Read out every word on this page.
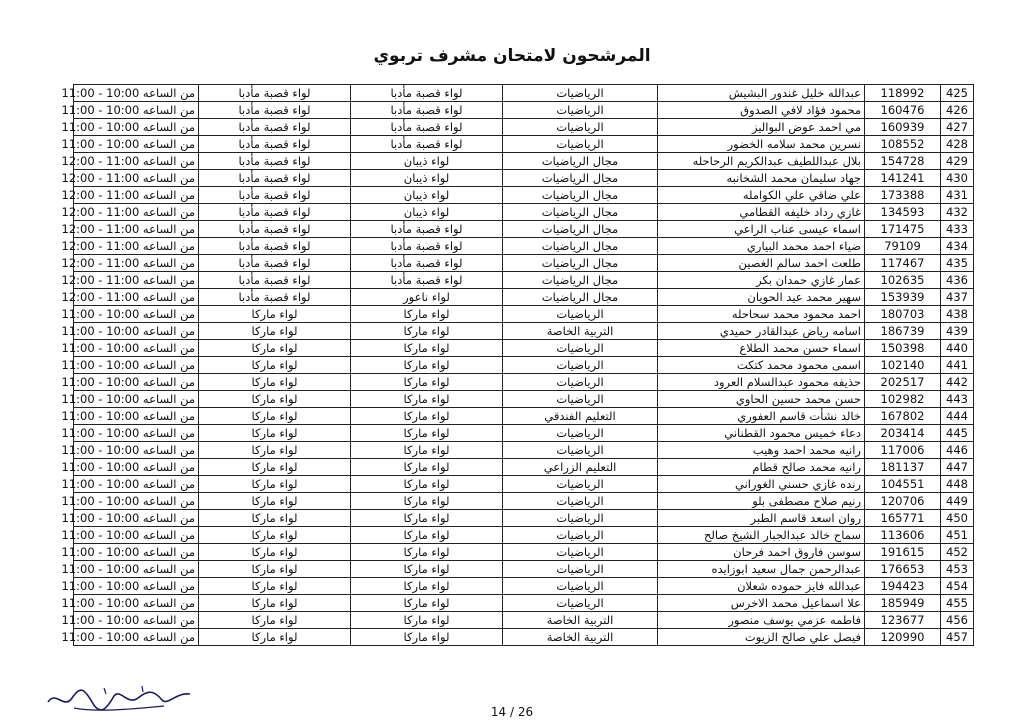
المرشحون لامتحان مشرف تربوي
425	118992	عبدالله خليل غندور البشيش	الرياضيات	لواء قصبة مأدبا	لواء قصبة مأدبا	من الساعه 10:00 - 11:00
426	160476	محمود فؤاد لافي الصدوق	الرياضيات	لواء قصبة مأدبا	لواء قصبة مأدبا	من الساعه 10:00 - 11:00
427	160939	مي احمد عوض البواليز	الرياضيات	لواء قصبة مأدبا	لواء قصبة مأدبا	من الساعه 10:00 - 11:00
428	108552	نسرين محمد سلامه الخضور	الرياضيات	لواء قصبة مأدبا	لواء قصبة مأدبا	من الساعه 10:00 - 11:00
429	154728	بلال عبداللطيف عبدالكريم الرحاحله	مجال الرياضيات	لواء ذيبان	لواء قصبة مأدبا	من الساعه 11:00 - 12:00
430	141241	جهاد سليمان محمد الشخانبه	مجال الرياضيات	لواء ذيبان	لواء قصبة مأدبا	من الساعه 11:00 - 12:00
431	173388	علي ضاقي علي الكوامله	مجال الرياضيات	لواء ذيبان	لواء قصبة مأدبا	من الساعه 11:00 - 12:00
432	134593	غازي رداد خليفه القطامي	مجال الرياضيات	لواء ذيبان	لواء قصبة مأدبا	من الساعه 11:00 - 12:00
433	171475	اسماء عيسى عناب الراعي	مجال الرياضيات	لواء قصبة مأدبا	لواء قصبة مأدبا	من الساعه 11:00 - 12:00
434	79109	ضياء احمد محمد البياري	مجال الرياضيات	لواء قصبة مأدبا	لواء قصبة مأدبا	من الساعه 11:00 - 12:00
435	117467	طلعت احمد سالم الغصين	مجال الرياضيات	لواء قصبة مأدبا	لواء قصبة مأدبا	من الساعه 11:00 - 12:00
436	102635	عمار غازي حمدان بكر	مجال الرياضيات	لواء قصبة مأدبا	لواء قصبة مأدبا	من الساعه 11:00 - 12:00
437	153939	سهير محمد عيد الحويان	مجال الرياضيات	لواء ناعور	لواء قصبة مأدبا	من الساعه 11:00 - 12:00
438	180703	احمد محمود محمد سحاحله	الرياضيات	لواء ماركا	لواء ماركا	من الساعه 10:00 - 11:00
439	186739	اسامه رياض عبدالقادر حميدي	التربية الخاصة	لواء ماركا	لواء ماركا	من الساعه 10:00 - 11:00
440	150398	اسماء حسن محمد الطلاع	الرياضيات	لواء ماركا	لواء ماركا	من الساعه 10:00 - 11:00
441	102140	اسمى محمود محمد كتكت	الرياضيات	لواء ماركا	لواء ماركا	من الساعه 10:00 - 11:00
442	202517	حذيفه محمود عبدالسلام العرود	الرياضيات	لواء ماركا	لواء ماركا	من الساعه 10:00 - 11:00
443	102982	حسن محمد حسين الحاوي	الرياضيات	لواء ماركا	لواء ماركا	من الساعه 10:00 - 11:00
444	167802	خالد نشأت قاسم العفوري	التعليم الفندقي	لواء ماركا	لواء ماركا	من الساعه 10:00 - 11:00
445	203414	دعاء خميس محمود القطناني	الرياضيات	لواء ماركا	لواء ماركا	من الساعه 10:00 - 11:00
446	117006	رانيه محمد احمد وهيب	الرياضيات	لواء ماركا	لواء ماركا	من الساعه 10:00 - 11:00
447	181137	رانيه محمد صالح قطام	التعليم الزراعي	لواء ماركا	لواء ماركا	من الساعه 10:00 - 11:00
448	104551	رنده غازي حسني الغوراني	الرياضيات	لواء ماركا	لواء ماركا	من الساعه 10:00 - 11:00
449	120706	رنيم صلاح مصطفى بلو	الرياضيات	لواء ماركا	لواء ماركا	من الساعه 10:00 - 11:00
450	165771	روان اسعد قاسم الطبر	الرياضيات	لواء ماركا	لواء ماركا	من الساعه 10:00 - 11:00
451	113606	سماح خالد عبدالجبار الشيخ صالح	الرياضيات	لواء ماركا	لواء ماركا	من الساعه 10:00 - 11:00
452	191615	سوسن فاروق احمد فرحان	الرياضيات	لواء ماركا	لواء ماركا	من الساعه 10:00 - 11:00
453	176653	عبدالرحمن جمال سعيد ابوزايده	الرياضيات	لواء ماركا	لواء ماركا	من الساعه 10:00 - 11:00
454	194423	عبدالله فايز حموده شعلان	الرياضيات	لواء ماركا	لواء ماركا	من الساعه 10:00 - 11:00
455	185949	علا اسماعيل محمد الاخرس	الرياضيات	لواء ماركا	لواء ماركا	من الساعه 10:00 - 11:00
456	123677	فاطمه عزمي يوسف منصور	التربية الخاصة	لواء ماركا	لواء ماركا	من الساعه 10:00 - 11:00
457	120990	فيصل علي صالح الزيوت	التربية الخاصة	لواء ماركا	لواء ماركا	من الساعه 10:00 - 11:00
14 / 26
